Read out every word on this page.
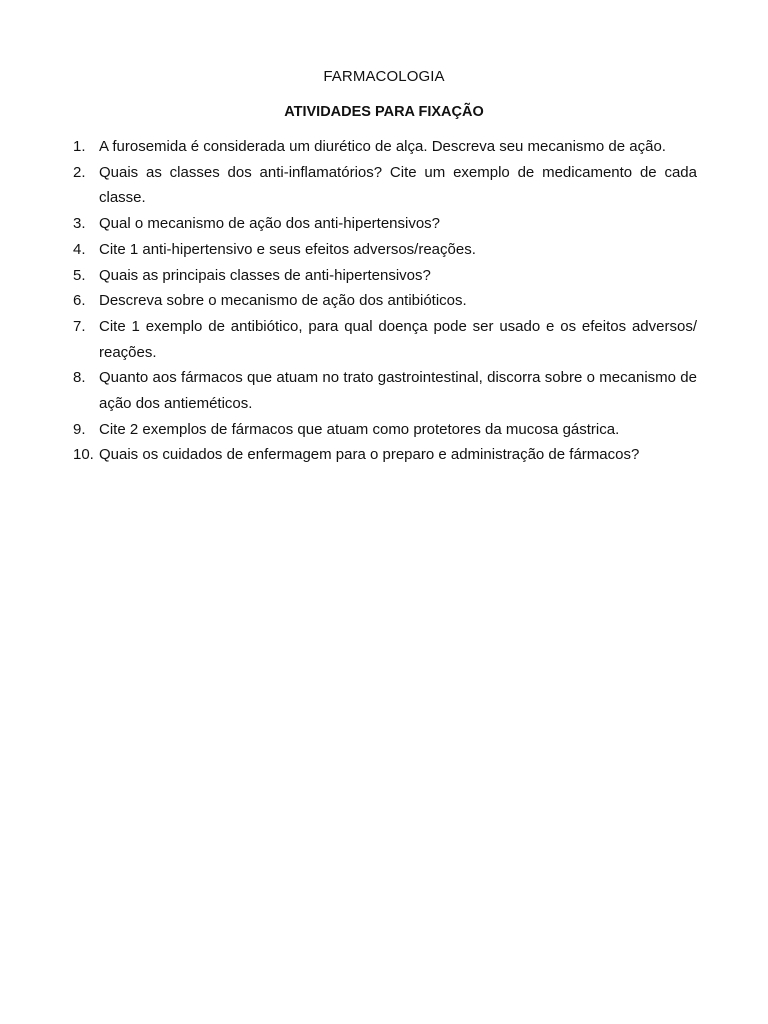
FARMACOLOGIA
ATIVIDADES PARA FIXAÇÃO
1. A furosemida é considerada um diurético de alça. Descreva seu mecanismo de ação.
2. Quais as classes dos anti-inflamatórios? Cite um exemplo de medicamento de cada classe.
3. Qual o mecanismo de ação dos anti-hipertensivos?
4. Cite 1 anti-hipertensivo e seus efeitos adversos/reações.
5. Quais as principais classes de anti-hipertensivos?
6. Descreva sobre o mecanismo de ação dos antibióticos.
7. Cite 1 exemplo de antibiótico, para qual doença pode ser usado e os efeitos adversos/ reações.
8. Quanto aos fármacos que atuam no trato gastrointestinal, discorra sobre o mecanismo de ação dos antieméticos.
9. Cite 2 exemplos de fármacos que atuam como protetores da mucosa gástrica.
10. Quais os cuidados de enfermagem para o preparo e administração de fármacos?
